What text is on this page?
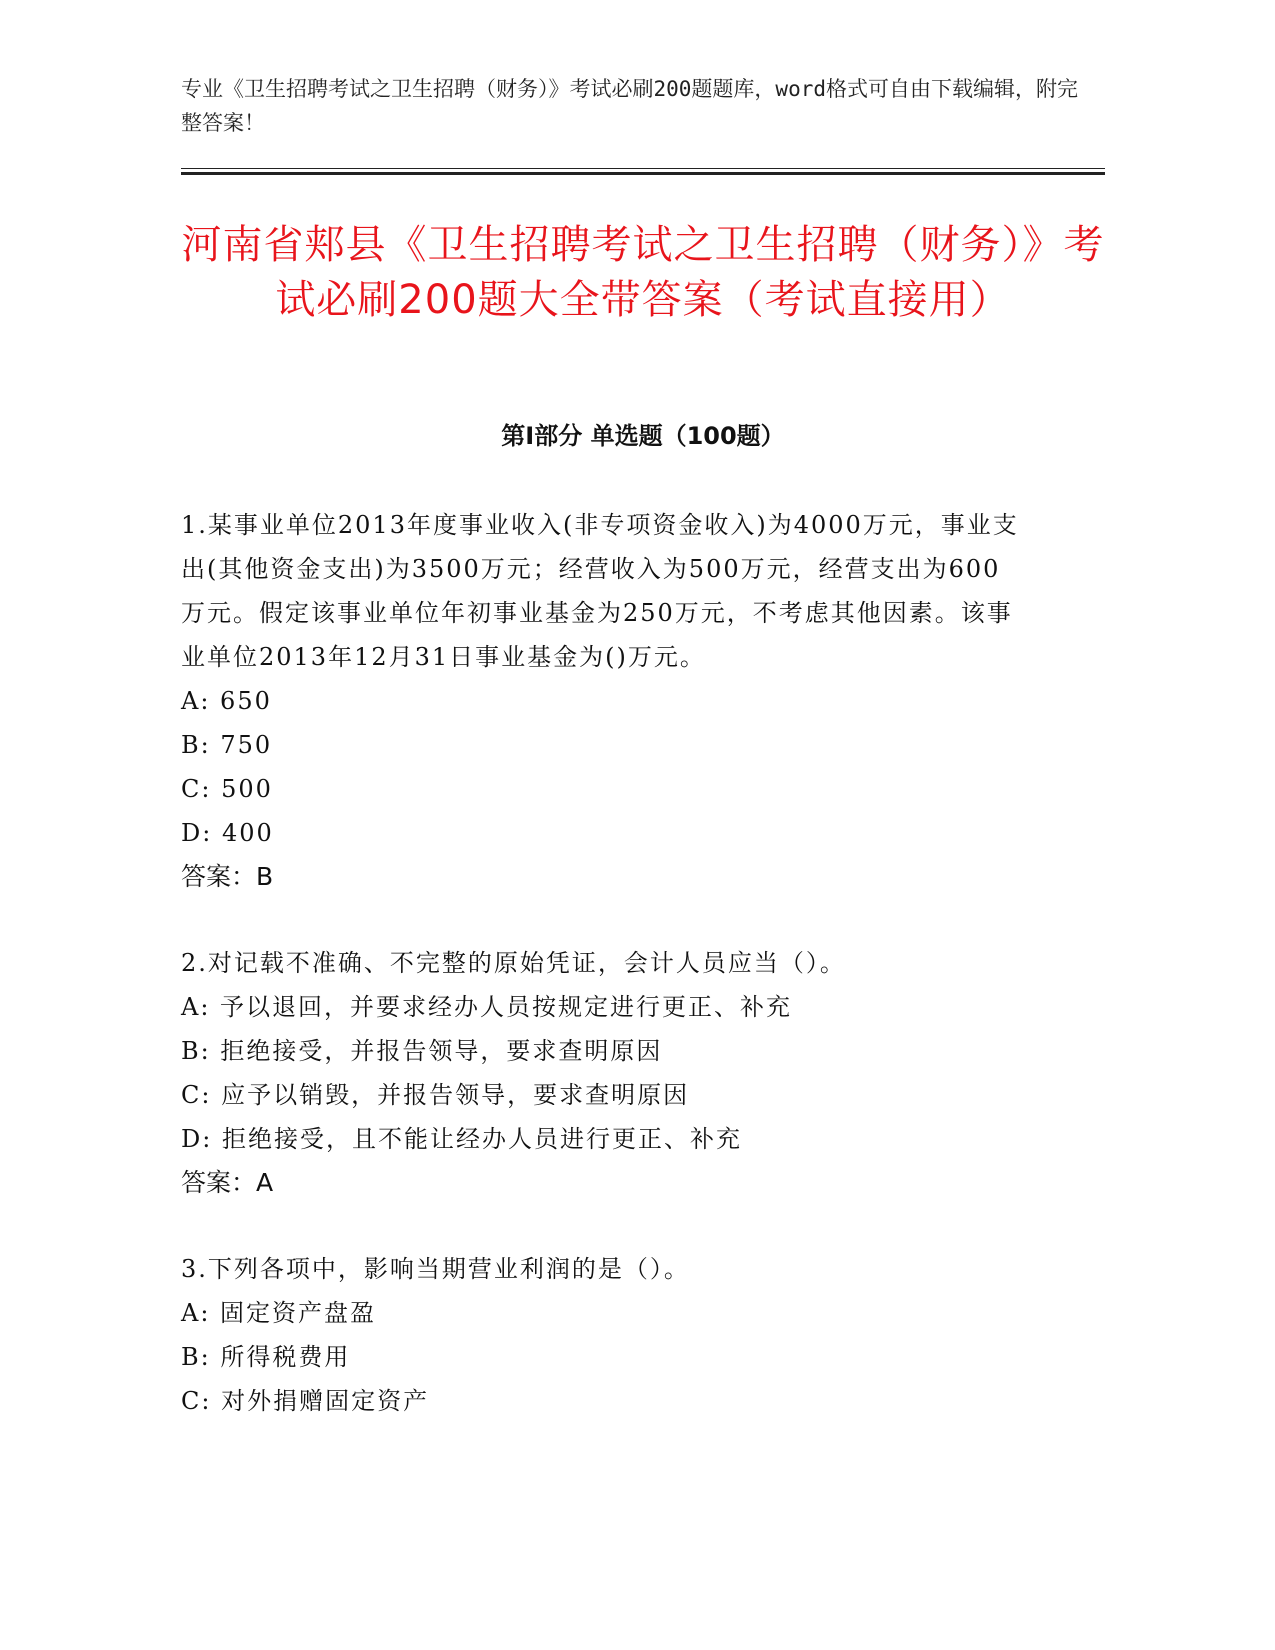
专业《卫生招聘考试之卫生招聘（财务）》考试必刷200题题库，word格式可自由下载编辑，附完整答案！
河南省郏县《卫生招聘考试之卫生招聘（财务）》考试必刷200题大全带答案（考试直接用）
第I部分 单选题（100题）

1.某事业单位2013年度事业收入(非专项资金收入)为4000万元，事业支出(其他资金支出)为3500万元；经营收入为500万元，经营支出为600万元。假定该事业单位年初事业基金为250万元，不考虑其他因素。该事业单位2013年12月31日事业基金为()万元。

A: 650

B: 750

C: 500

D: 400

答案：B

2.对记载不准确、不完整的原始凭证，会计人员应当（）。

A: 予以退回，并要求经办人员按规定进行更正、补充

B: 拒绝接受，并报告领导，要求查明原因

C: 应予以销毁，并报告领导，要求查明原因

D: 拒绝接受，且不能让经办人员进行更正、补充

答案：A

3.下列各项中，影响当期营业利润的是（）。

A: 固定资产盘盈

B: 所得税费用

C: 对外捐赠固定资产
